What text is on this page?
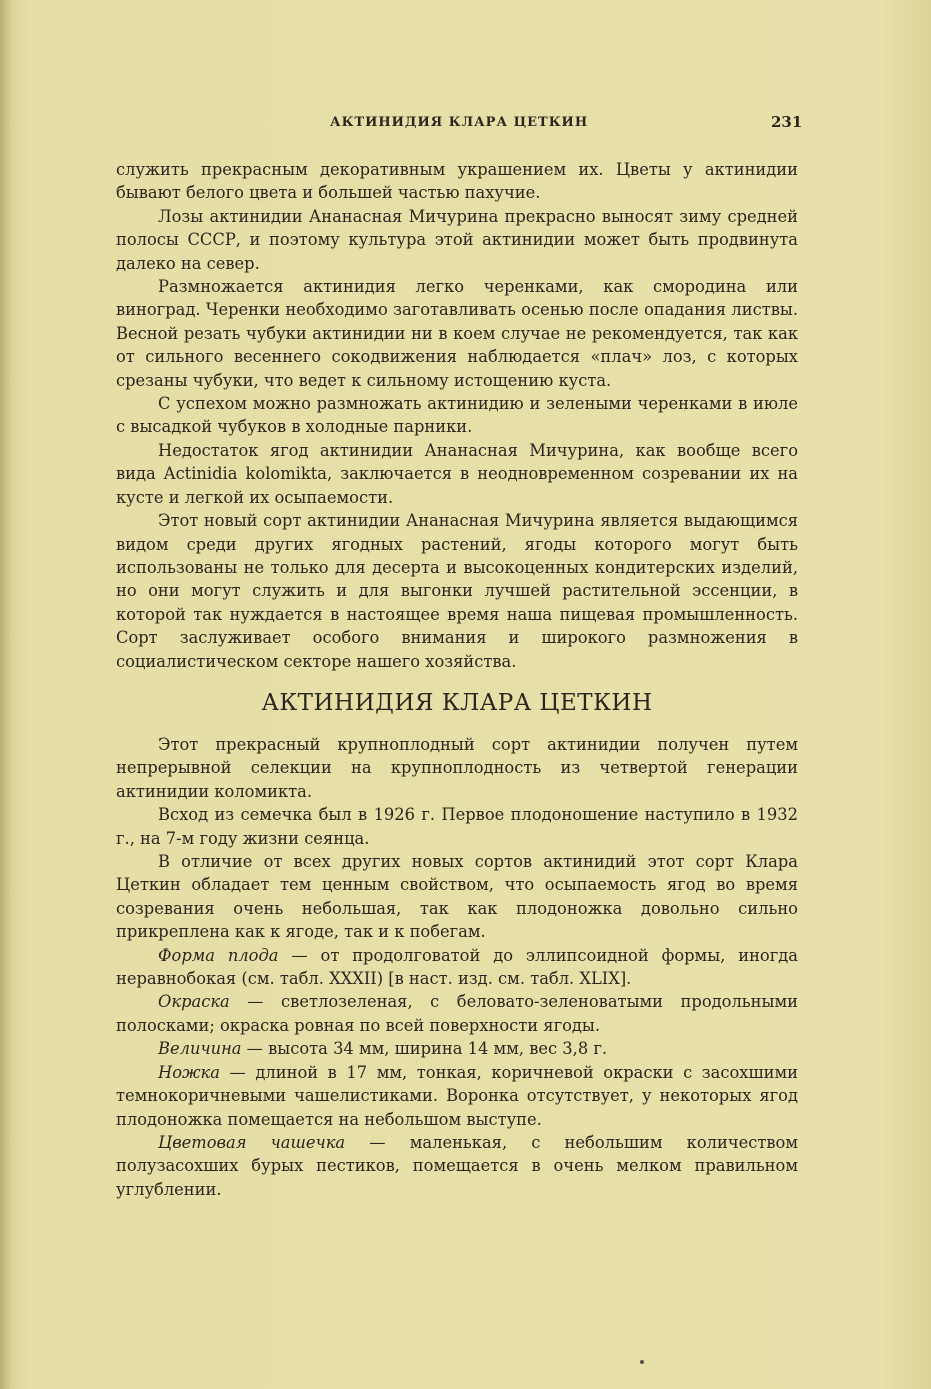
АКТИНИДИЯ КЛАРА ЦЕТКИН	231

служить прекрасным декоративным украшением их. Цветы у актинидии бывают белого цвета и большей частью пахучие.

Лозы актинидии Ананасная Мичурина прекрасно выносят зиму средней полосы СССР, и поэтому культура этой актинидии может быть продвинута далеко на север.

Размножается актинидия легко черенками, как смородина или виноград. Черенки необходимо заготавливать осенью после опадания листвы. Весной резать чубуки актинидии ни в коем случае не рекомендуется, так как от сильного весеннего сокодвижения наблюдается «плач» лоз, с которых срезаны чубуки, что ведет к сильному истощению куста.

С успехом можно размножать актинидию и зелеными черенками в июле с высадкой чубуков в холодные парники.

Недостаток ягод актинидии Ананасная Мичурина, как вообще всего вида Actinidia kolomikta, заключается в неодновременном созревании их на кусте и легкой их осыпаемости.

Этот новый сорт актинидии Ананасная Мичурина является выдающимся видом среди других ягодных растений, ягоды которого могут быть использованы не только для десерта и высокоценных кондитерских изделий, но они могут служить и для выгонки лучшей растительной эссенции, в которой так нуждается в настоящее время наша пищевая промышленность. Сорт заслуживает особого внимания и широкого размножения в социалистическом секторе нашего хозяйства.

АКТИНИДИЯ КЛАРА ЦЕТКИН

Этот прекрасный крупноплодный сорт актинидии получен путем непрерывной селекции на крупноплодность из четвертой генерации актинидии коломикта.

Всход из семечка был в 1926 г. Первое плодоношение наступило в 1932 г., на 7-м году жизни сеянца.

В отличие от всех других новых сортов актинидий этот сорт Клара Цеткин обладает тем ценным свойством, что осыпаемость ягод во время созревания очень небольшая, так как плодоножка довольно сильно прикреплена как к ягоде, так и к побегам.

Форма плода — от продолговатой до эллипсоидной формы, иногда неравнобокая (см. табл. XXXII) [в наст. изд. см. табл. XLIX].

Окраска — светлозеленая, с беловато-зеленоватыми продольными полосками; окраска ровная по всей поверхности ягоды.

Величина — высота 34 мм, ширина 14 мм, вес 3,8 г.

Ножка — длиной в 17 мм, тонкая, коричневой окраски с засохшими темнокоричневыми чашелистиками. Воронка отсутствует, у некоторых ягод плодоножка помещается на небольшом выступе.

Цветовая чашечка — маленькая, с небольшим количеством полузасохших бурых пестиков, помещается в очень мелком правильном углублении.
